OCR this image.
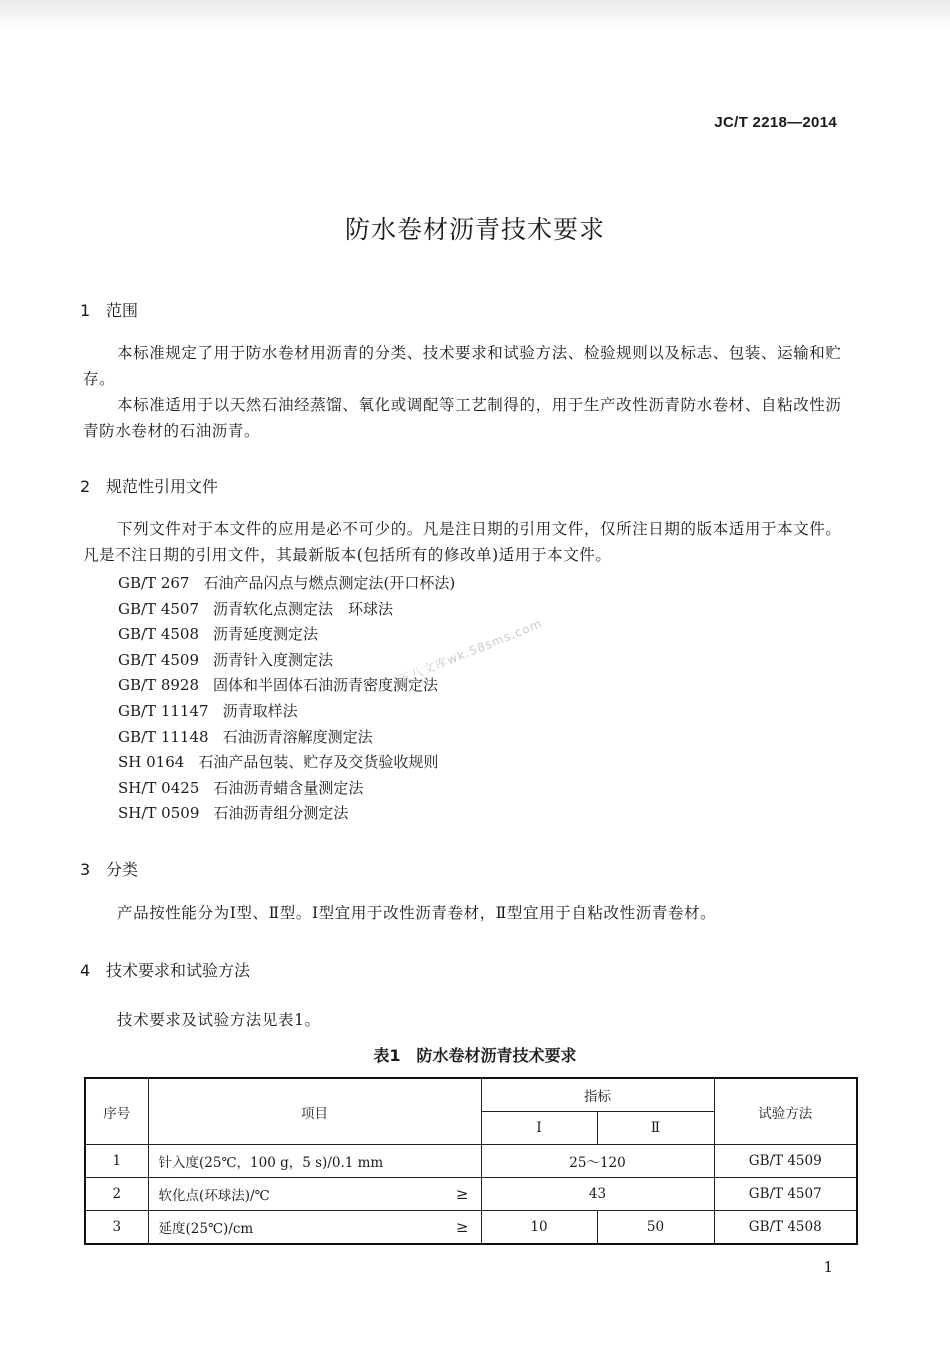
JC/T 2218—2014
防水卷材沥青技术要求
1 范围
本标准规定了用于防水卷材用沥青的分类、技术要求和试验方法、检验规则以及标志、包装、运输和贮存。
本标准适用于以天然石油经蒸馏、氧化或调配等工艺制得的，用于生产改性沥青防水卷材、自粘改性沥青防水卷材的石油沥青。
2 规范性引用文件
下列文件对于本文件的应用是必不可少的。凡是注日期的引用文件，仅所注日期的版本适用于本文件。凡是不注日期的引用文件，其最新版本(包括所有的修改单)适用于本文件。
GB/T 267 石油产品闪点与燃点测定法(开口杯法)
GB/T 4507 沥青软化点测定法　环球法
GB/T 4508 沥青延度测定法
GB/T 4509 沥青针入度测定法
GB/T 8928 固体和半固体石油沥青密度测定法
GB/T 11147 沥青取样法
GB/T 11148 石油沥青溶解度测定法
SH 0164 石油产品包装、贮存及交货验收规则
SH/T 0425 石油沥青蜡含量测定法
SH/T 0509 石油沥青组分测定法
3 分类
产品按性能分为Ⅰ型、Ⅱ型。Ⅰ型宜用于改性沥青卷材，Ⅱ型宜用于自粘改性沥青卷材。
4 技术要求和试验方法
技术要求及试验方法见表1。
表1　防水卷材沥青技术要求
序号	项目	指标		试验方法
		Ⅰ	Ⅱ	
1	针入度(25℃，100 g，5 s)/0.1 mm	25～120		GB/T 4509
2	软化点(环球法)/℃ ≥	43		GB/T 4507
3	延度(25℃)/cm ≥	10	50	GB/T 4508
1
五八文库wk.58sms.com
